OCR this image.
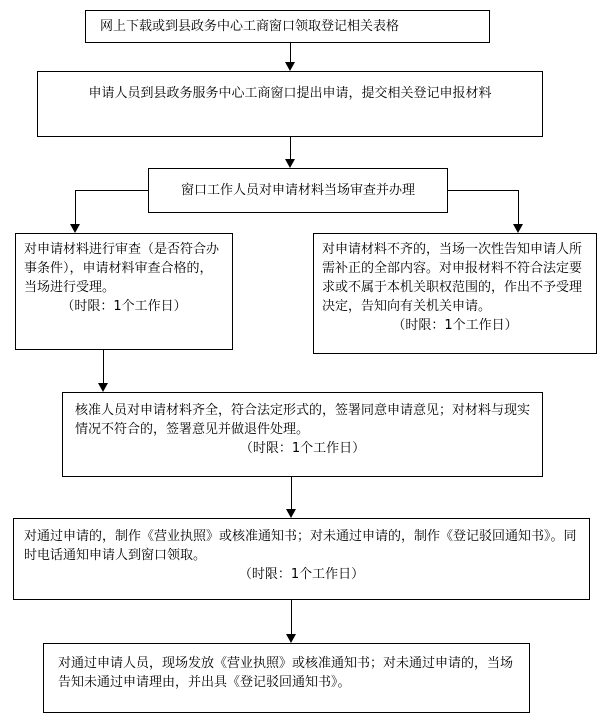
网上下载或到县政务中心工商窗口领取登记相关表格
申请人员到县政务服务中心工商窗口提出申请，提交相关登记申报材料
窗口工作人员对申请材料当场审查并办理
对申请材料进行审查（是否符合办事条件），申请材料审查合格的，当场进行受理。
（时限：1个工作日）
对申请材料不齐的，当场一次性告知申请人所需补正的全部内容。对申报材料不符合法定要求或不属于本机关职权范围的，作出不予受理决定，告知向有关机关申请。
（时限：1个工作日）
核准人员对申请材料齐全，符合法定形式的，签署同意申请意见；对材料与现实情况不符合的，签署意见并做退件处理。
（时限：1个工作日）
对通过申请的，制作《营业执照》或核准通知书；对未通过申请的，制作《登记驳回通知书》。同时电话通知申请人到窗口领取。
（时限：1个工作日）
对通过申请人员，现场发放《营业执照》或核准通知书；对未通过申请的，当场告知未通过申请理由，并出具《登记驳回通知书》。
